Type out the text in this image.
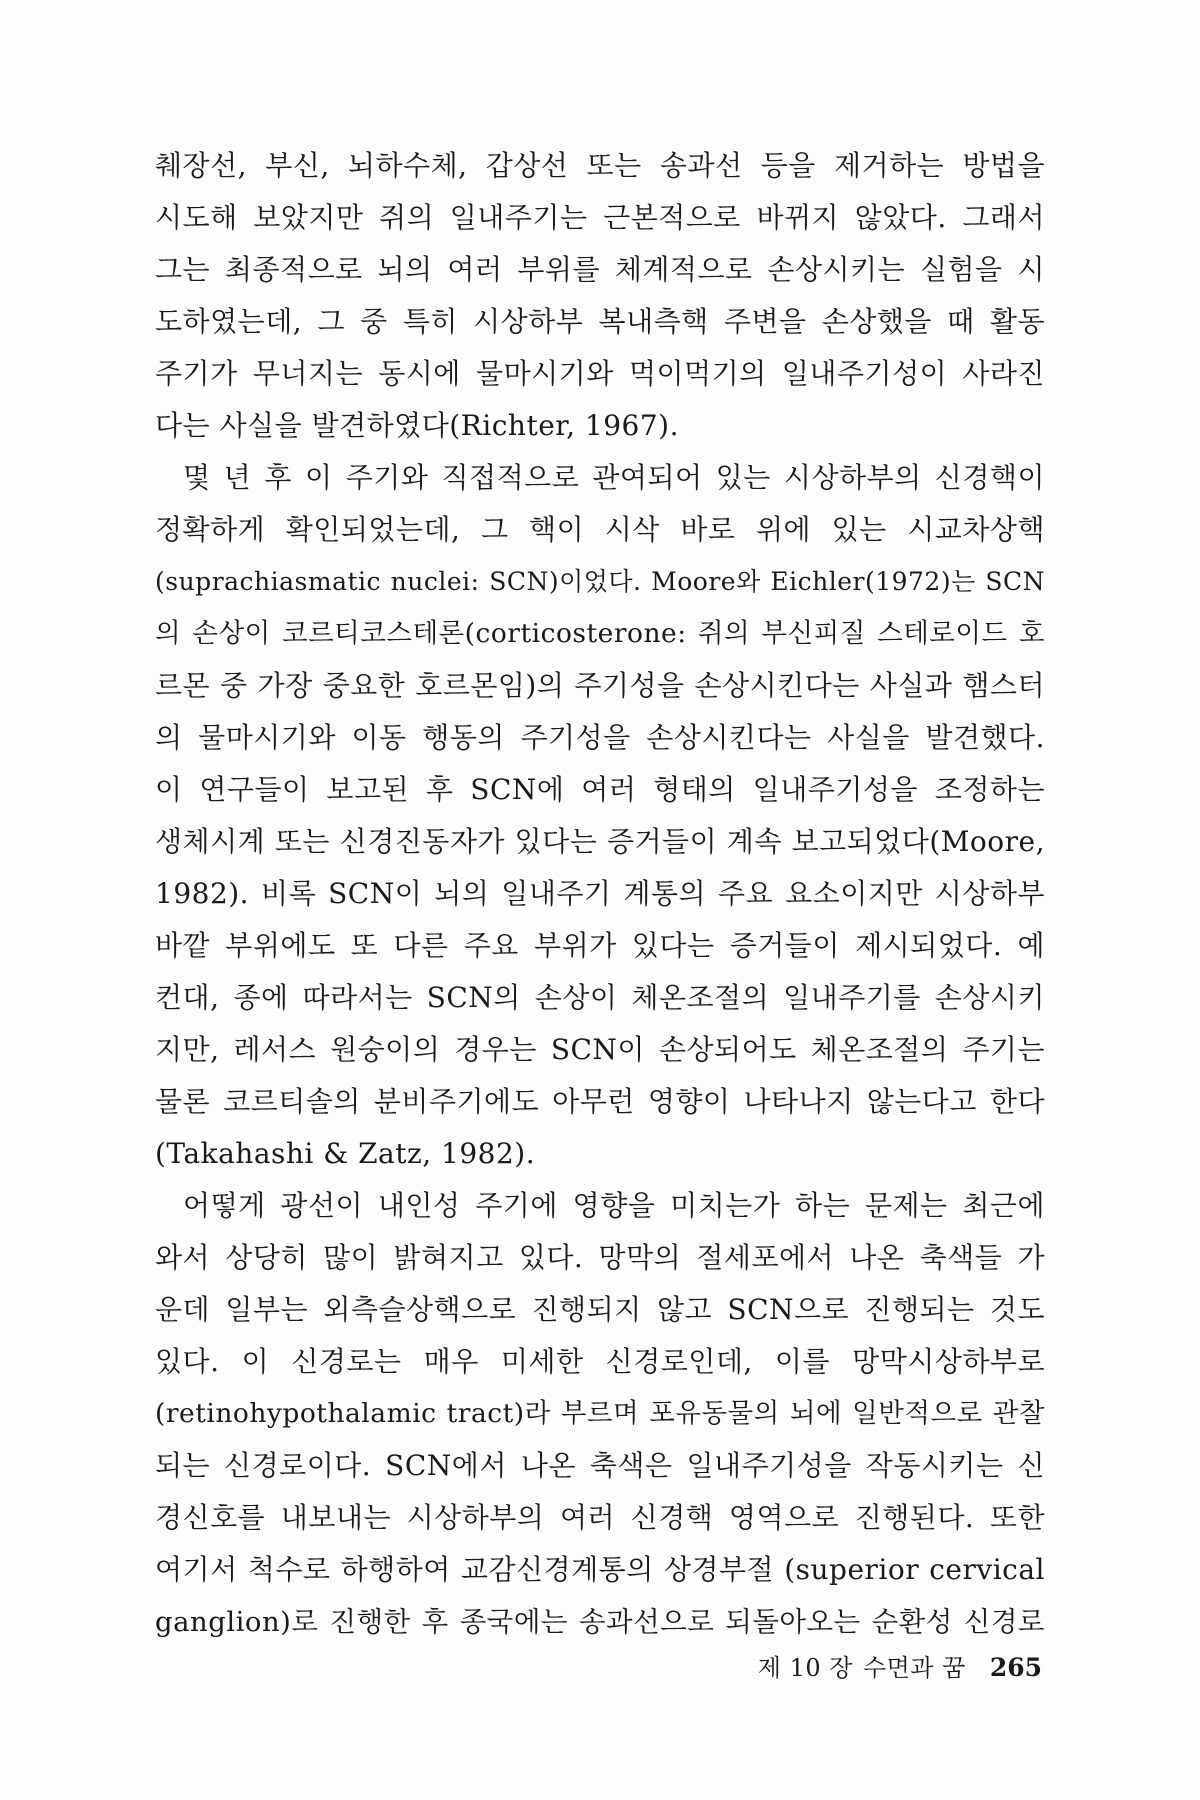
췌장선, 부신, 뇌하수체, 갑상선 또는 송과선 등을 제거하는 방법을
시도해 보았지만 쥐의 일내주기는 근본적으로 바뀌지 않았다. 그래서
그는 최종적으로 뇌의 여러 부위를 체계적으로 손상시키는 실험을 시
도하였는데, 그 중 특히 시상하부 복내측핵 주변을 손상했을 때 활동
주기가 무너지는 동시에 물마시기와 먹이먹기의 일내주기성이 사라진
다는 사실을 발견하였다(Richter, 1967).
몇 년 후 이 주기와 직접적으로 관여되어 있는 시상하부의 신경핵이
정확하게 확인되었는데, 그 핵이 시삭 바로 위에 있는 시교차상핵
(suprachiasmatic nuclei: SCN)이었다. Moore와 Eichler(1972)는 SCN
의 손상이 코르티코스테론(corticosterone: 쥐의 부신피질 스테로이드 호
르몬 중 가장 중요한 호르몬임)의 주기성을 손상시킨다는 사실과 햄스터
의 물마시기와 이동 행동의 주기성을 손상시킨다는 사실을 발견했다.
이 연구들이 보고된 후 SCN에 여러 형태의 일내주기성을 조정하는
생체시계 또는 신경진동자가 있다는 증거들이 계속 보고되었다(Moore,
1982). 비록 SCN이 뇌의 일내주기 계통의 주요 요소이지만 시상하부
바깥 부위에도 또 다른 주요 부위가 있다는 증거들이 제시되었다. 예
컨대, 종에 따라서는 SCN의 손상이 체온조절의 일내주기를 손상시키
지만, 레서스 원숭이의 경우는 SCN이 손상되어도 체온조절의 주기는
물론 코르티솔의 분비주기에도 아무런 영향이 나타나지 않는다고 한다
(Takahashi & Zatz, 1982).
어떻게 광선이 내인성 주기에 영향을 미치는가 하는 문제는 최근에
와서 상당히 많이 밝혀지고 있다. 망막의 절세포에서 나온 축색들 가
운데 일부는 외측슬상핵으로 진행되지 않고 SCN으로 진행되는 것도
있다. 이 신경로는 매우 미세한 신경로인데, 이를 망막시상하부로
(retinohypothalamic tract)라 부르며 포유동물의 뇌에 일반적으로 관찰
되는 신경로이다. SCN에서 나온 축색은 일내주기성을 작동시키는 신
경신호를 내보내는 시상하부의 여러 신경핵 영역으로 진행된다. 또한
여기서 척수로 하행하여 교감신경계통의 상경부절 (superior cervical
ganglion)로 진행한 후 종국에는 송과선으로 되돌아오는 순환성 신경로
제 10 장 수면과 꿈 265
